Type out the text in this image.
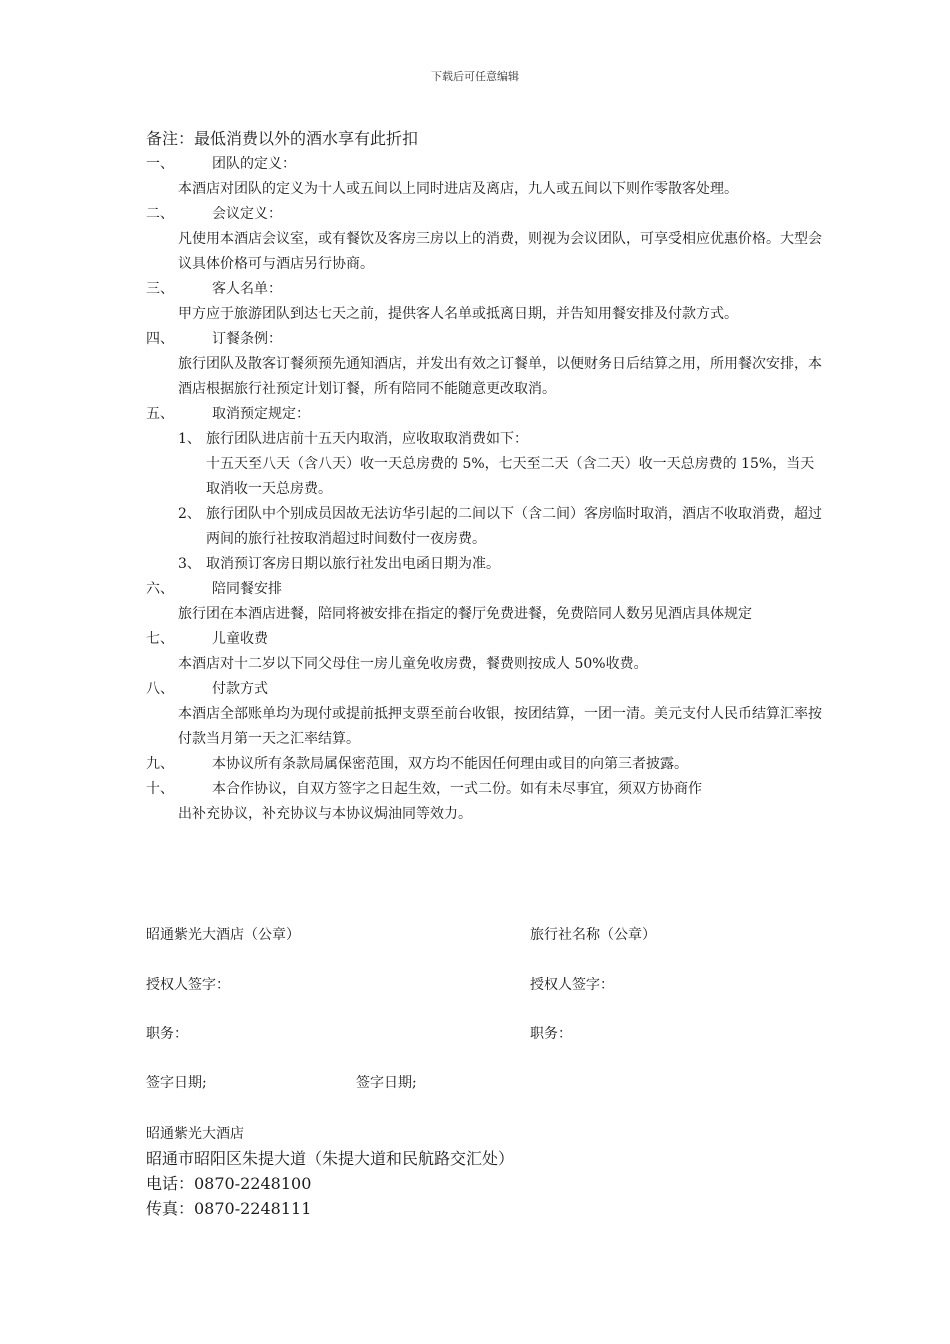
下载后可任意编辑
备注：最低消费以外的酒水享有此折扣
一、	团队的定义：
本酒店对团队的定义为十人或五间以上同时进店及离店，九人或五间以下则作零散客处理。
二、	会议定义：
凡使用本酒店会议室，或有餐饮及客房三房以上的消费，则视为会议团队，可享受相应优惠价格。大型会议具体价格可与酒店另行协商。
三、	客人名单：
甲方应于旅游团队到达七天之前，提供客人名单或抵离日期，并告知用餐安排及付款方式。
四、	订餐条例：
旅行团队及散客订餐须预先通知酒店，并发出有效之订餐单，以便财务日后结算之用，所用餐次安排，本酒店根据旅行社预定计划订餐，所有陪同不能随意更改取消。
五、	取消预定规定：
1、 旅行团队进店前十五天内取消，应收取取消费如下：
十五天至八天（含八天）收一天总房费的 5%，七天至二天（含二天）收一天总房费的 15%，当天取消收一天总房费。
2、 旅行团队中个别成员因故无法访华引起的二间以下（含二间）客房临时取消，酒店不收取消费，超过两间的旅行社按取消超过时间数付一夜房费。
3、 取消预订客房日期以旅行社发出电函日期为准。
六、	陪同餐安排
旅行团在本酒店进餐，陪同将被安排在指定的餐厅免费进餐，免费陪同人数另见酒店具体规定
七、	儿童收费
本酒店对十二岁以下同父母住一房儿童免收房费，餐费则按成人 50%收费。
八、	付款方式
本酒店全部账单均为现付或提前抵押支票至前台收银，按团结算，一团一清。美元支付人民币结算汇率按付款当月第一天之汇率结算。
九、	本协议所有条款局属保密范围，双方均不能因任何理由或目的向第三者披露。
十、	本合作协议，自双方签字之日起生效，一式二份。如有未尽事宜，须双方协商作
出补充协议，补充协议与本协议焗油同等效力。
昭通紫光大酒店（公章）	旅行社名称（公章）
授权人签字：	授权人签字：
职务：	职务：
签字日期;	签字日期;
昭通紫光大酒店
昭通市昭阳区朱提大道（朱提大道和民航路交汇处）
电话：0870-2248100
传真：0870-2248111
